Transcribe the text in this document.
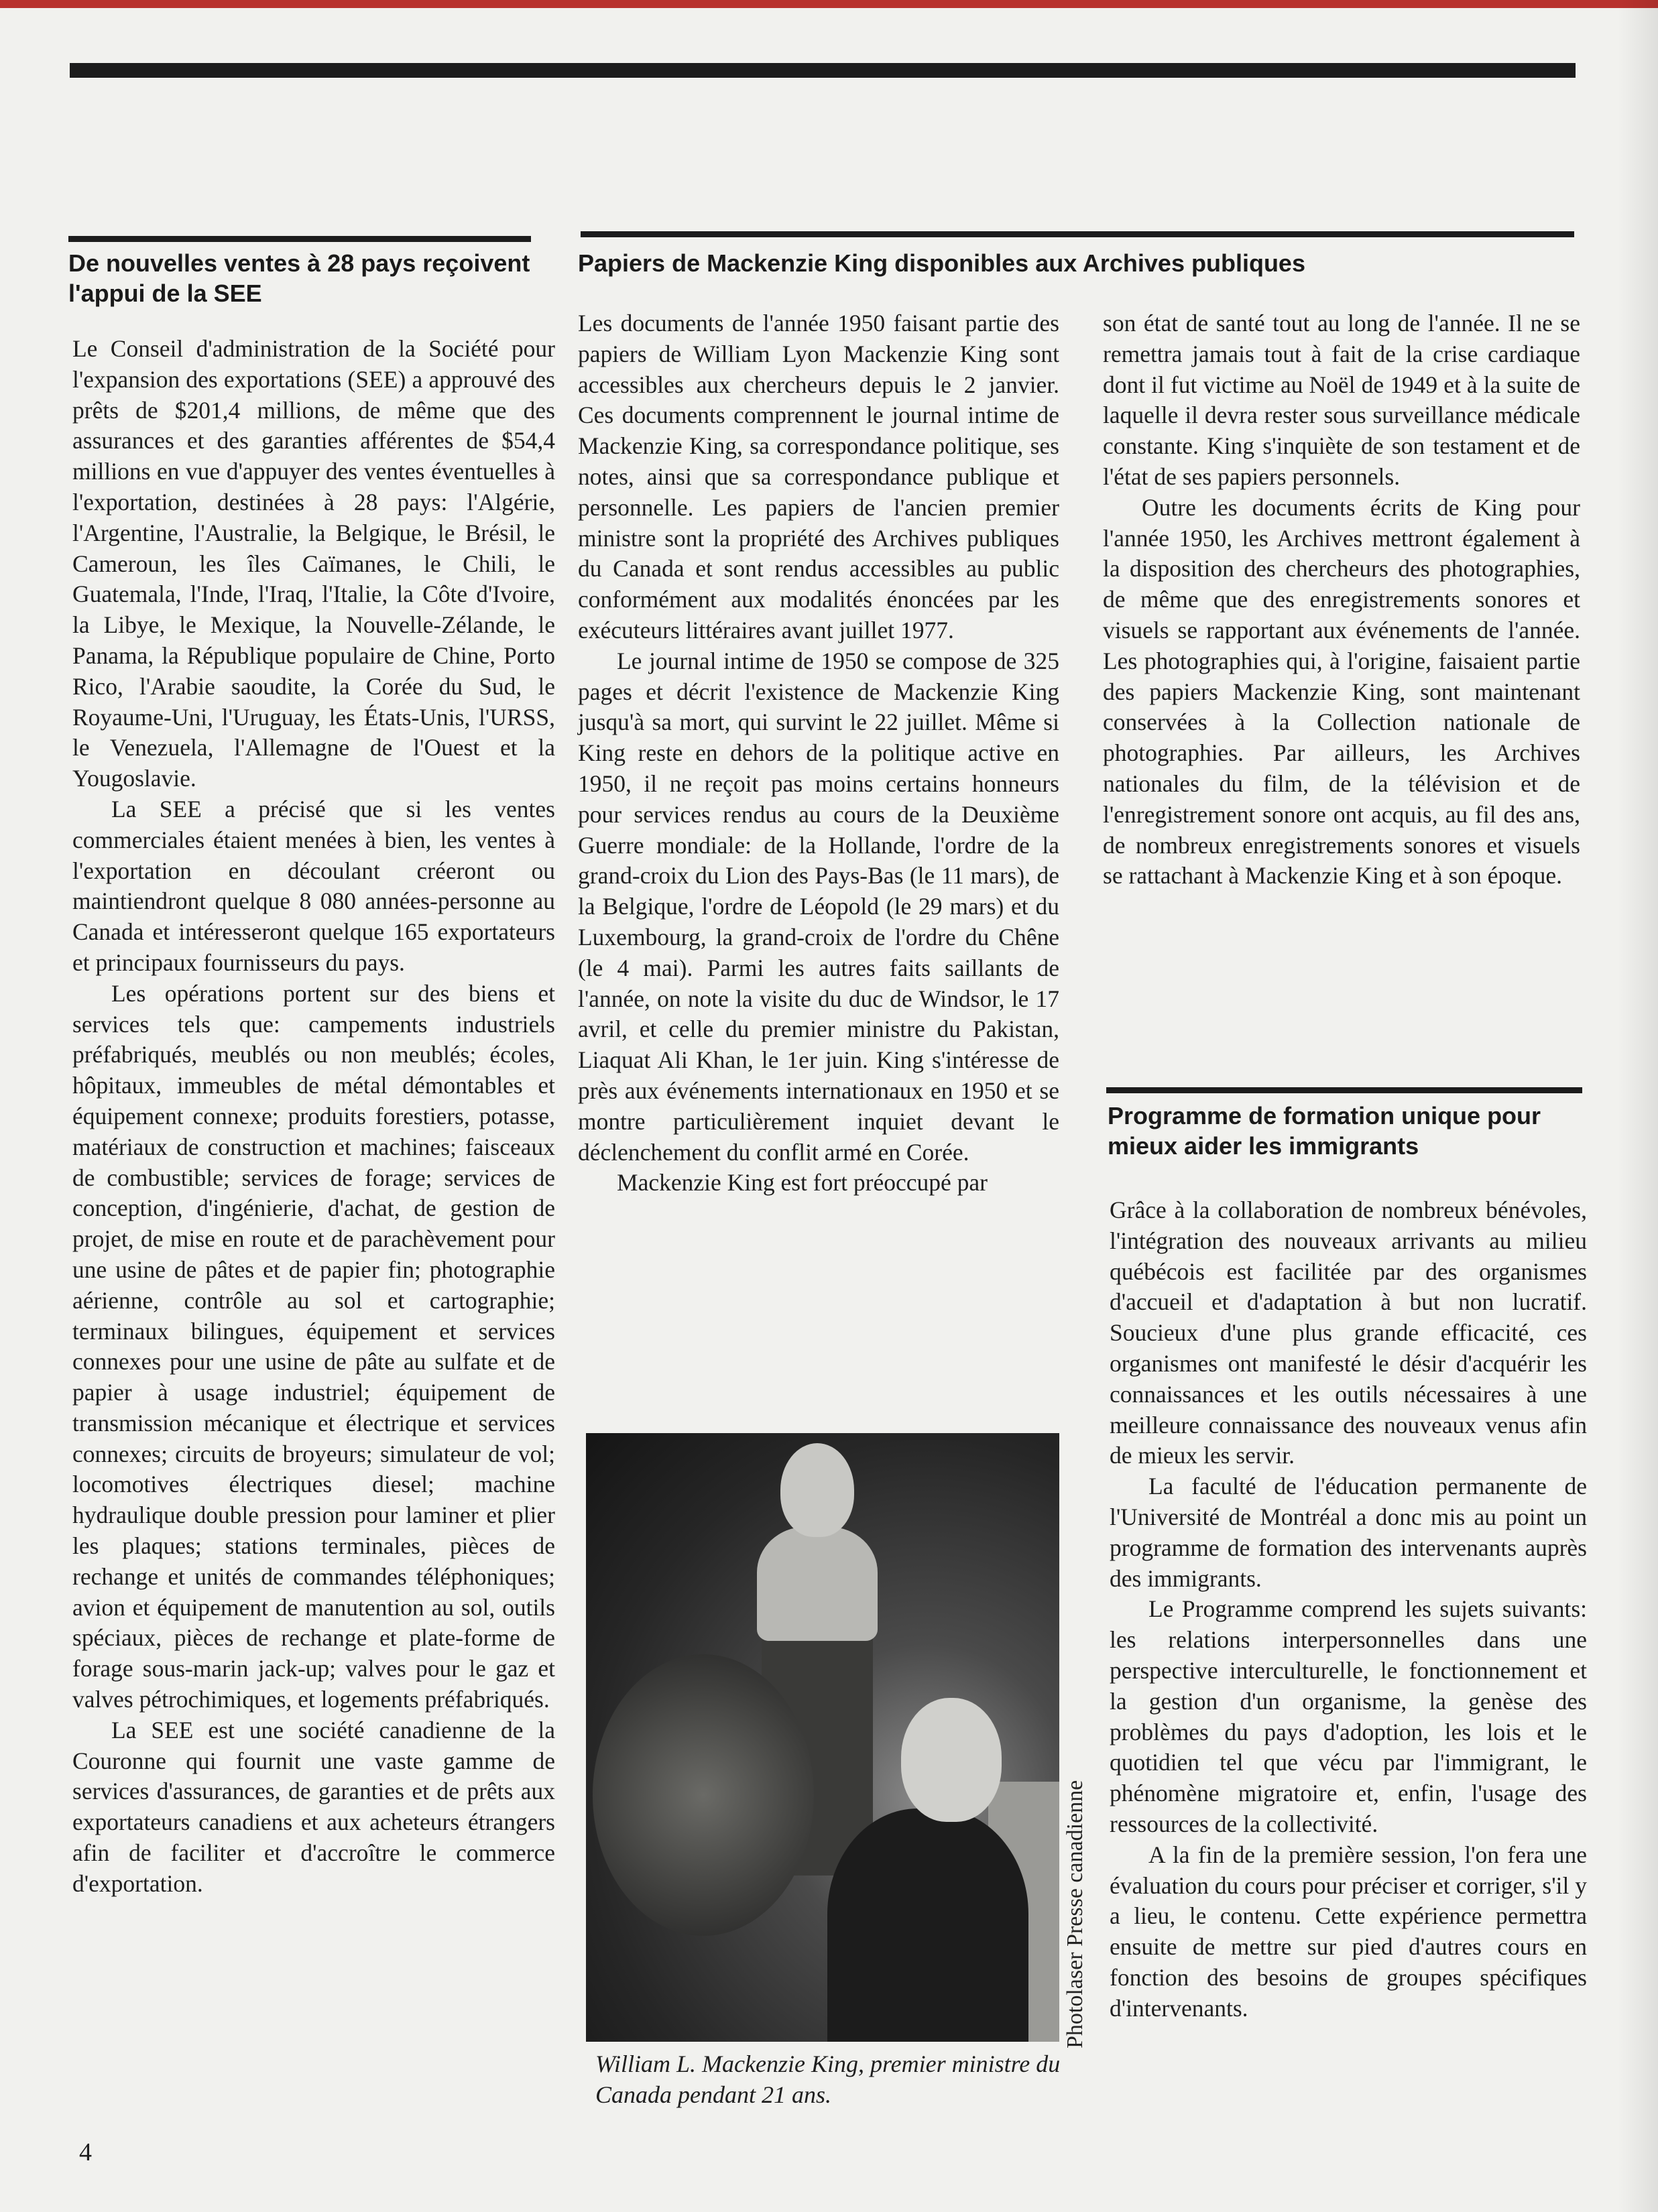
De nouvelles ventes à 28 pays reçoivent l'appui de la SEE

Le Conseil d'administration de la Société pour l'expansion des exportations (SEE) a approuvé des prêts de $201,4 millions, de même que des assurances et des garanties afférentes de $54,4 millions en vue d'appuyer des ventes éventuelles à l'exportation, destinées à 28 pays: l'Algérie, l'Argentine, l'Australie, la Belgique, le Brésil, le Cameroun, les îles Caïmanes, le Chili, le Guatemala, l'Inde, l'Iraq, l'Italie, la Côte d'Ivoire, la Libye, le Mexique, la Nouvelle-Zélande, le Panama, la République populaire de Chine, Porto Rico, l'Arabie saoudite, la Corée du Sud, le Royaume-Uni, l'Uruguay, les États-Unis, l'URSS, le Venezuela, l'Allemagne de l'Ouest et la Yougoslavie.

La SEE a précisé que si les ventes commerciales étaient menées à bien, les ventes à l'exportation en découlant créeront ou maintiendront quelque 8 080 années-personne au Canada et intéresseront quelque 165 exportateurs et principaux fournisseurs du pays.

Les opérations portent sur des biens et services tels que: campements industriels préfabriqués, meublés ou non meublés; écoles, hôpitaux, immeubles de métal démontables et équipement connexe; produits forestiers, potasse, matériaux de construction et machines; faisceaux de combustible; services de forage; services de conception, d'ingénierie, d'achat, de gestion de projet, de mise en route et de parachèvement pour une usine de pâtes et de papier fin; photographie aérienne, contrôle au sol et cartographie; terminaux bilingues, équipement et services connexes pour une usine de pâte au sulfate et de papier à usage industriel; équipement de transmission mécanique et électrique et services connexes; circuits de broyeurs; simulateur de vol; locomotives électriques diesel; machine hydraulique double pression pour laminer et plier les plaques; stations terminales, pièces de rechange et unités de commandes téléphoniques; avion et équipement de manutention au sol, outils spéciaux, pièces de rechange et plate-forme de forage sous-marin jack-up; valves pour le gaz et valves pétrochimiques, et logements préfabriqués.

La SEE est une société canadienne de la Couronne qui fournit une vaste gamme de services d'assurances, de garanties et de prêts aux exportateurs canadiens et aux acheteurs étrangers afin de faciliter et d'accroître le commerce d'exportation.

Papiers de Mackenzie King disponibles aux Archives publiques

Les documents de l'année 1950 faisant partie des papiers de William Lyon Mackenzie King sont accessibles aux chercheurs depuis le 2 janvier. Ces documents comprennent le journal intime de Mackenzie King, sa correspondance politique, ses notes, ainsi que sa correspondance publique et personnelle. Les papiers de l'ancien premier ministre sont la propriété des Archives publiques du Canada et sont rendus accessibles au public conformément aux modalités énoncées par les exécuteurs littéraires avant juillet 1977.

Le journal intime de 1950 se compose de 325 pages et décrit l'existence de Mackenzie King jusqu'à sa mort, qui survint le 22 juillet. Même si King reste en dehors de la politique active en 1950, il ne reçoit pas moins certains honneurs pour services rendus au cours de la Deuxième Guerre mondiale: de la Hollande, l'ordre de la grand-croix du Lion des Pays-Bas (le 11 mars), de la Belgique, l'ordre de Léopold (le 29 mars) et du Luxembourg, la grand-croix de l'ordre du Chêne (le 4 mai). Parmi les autres faits saillants de l'année, on note la visite du duc de Windsor, le 17 avril, et celle du premier ministre du Pakistan, Liaquat Ali Khan, le 1er juin. King s'intéresse de près aux événements internationaux en 1950 et se montre particulièrement inquiet devant le déclenchement du conflit armé en Corée.

Mackenzie King est fort préoccupé par

Photolaser Presse canadienne

William L. Mackenzie King, premier ministre du Canada pendant 21 ans.

son état de santé tout au long de l'année. Il ne se remettra jamais tout à fait de la crise cardiaque dont il fut victime au Noël de 1949 et à la suite de laquelle il devra rester sous surveillance médicale constante. King s'inquiète de son testament et de l'état de ses papiers personnels.

Outre les documents écrits de King pour l'année 1950, les Archives mettront également à la disposition des chercheurs des photographies, de même que des enregistrements sonores et visuels se rapportant aux événements de l'année. Les photographies qui, à l'origine, faisaient partie des papiers Mackenzie King, sont maintenant conservées à la Collection nationale de photographies. Par ailleurs, les Archives nationales du film, de la télévision et de l'enregistrement sonore ont acquis, au fil des ans, de nombreux enregistrements sonores et visuels se rattachant à Mackenzie King et à son époque.

Programme de formation unique pour mieux aider les immigrants

Grâce à la collaboration de nombreux bénévoles, l'intégration des nouveaux arrivants au milieu québécois est facilitée par des organismes d'accueil et d'adaptation à but non lucratif. Soucieux d'une plus grande efficacité, ces organismes ont manifesté le désir d'acquérir les connaissances et les outils nécessaires à une meilleure connaissance des nouveaux venus afin de mieux les servir.

La faculté de l'éducation permanente de l'Université de Montréal a donc mis au point un programme de formation des intervenants auprès des immigrants.

Le Programme comprend les sujets suivants: les relations interpersonnelles dans une perspective interculturelle, le fonctionnement et la gestion d'un organisme, la genèse des problèmes du pays d'adoption, les lois et le quotidien tel que vécu par l'immigrant, le phénomène migratoire et, enfin, l'usage des ressources de la collectivité.

A la fin de la première session, l'on fera une évaluation du cours pour préciser et corriger, s'il y a lieu, le contenu. Cette expérience permettra ensuite de mettre sur pied d'autres cours en fonction des besoins de groupes spécifiques d'intervenants.

4
